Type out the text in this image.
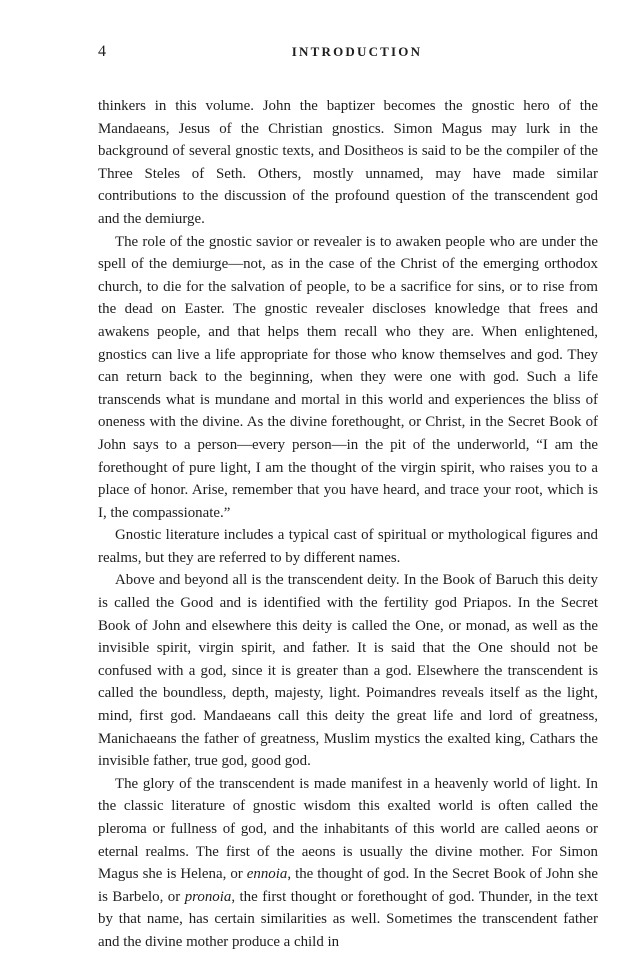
4	INTRODUCTION

thinkers in this volume. John the baptizer becomes the gnostic hero of the Mandaeans, Jesus of the Christian gnostics. Simon Magus may lurk in the background of several gnostic texts, and Dositheos is said to be the compiler of the Three Steles of Seth. Others, mostly unnamed, may have made similar contributions to the discussion of the profound question of the transcendent god and the demiurge.

The role of the gnostic savior or revealer is to awaken people who are under the spell of the demiurge—not, as in the case of the Christ of the emerging orthodox church, to die for the salvation of people, to be a sacrifice for sins, or to rise from the dead on Easter. The gnostic revealer discloses knowledge that frees and awakens people, and that helps them recall who they are. When enlightened, gnostics can live a life appropriate for those who know themselves and god. They can return back to the beginning, when they were one with god. Such a life transcends what is mundane and mortal in this world and experiences the bliss of oneness with the divine. As the divine forethought, or Christ, in the Secret Book of John says to a person—every person—in the pit of the underworld, “I am the forethought of pure light, I am the thought of the virgin spirit, who raises you to a place of honor. Arise, remember that you have heard, and trace your root, which is I, the compassionate.”

Gnostic literature includes a typical cast of spiritual or mythological figures and realms, but they are referred to by different names.

Above and beyond all is the transcendent deity. In the Book of Baruch this deity is called the Good and is identified with the fertility god Priapos. In the Secret Book of John and elsewhere this deity is called the One, or monad, as well as the invisible spirit, virgin spirit, and father. It is said that the One should not be confused with a god, since it is greater than a god. Elsewhere the transcendent is called the boundless, depth, majesty, light. Poimandres reveals itself as the light, mind, first god. Mandaeans call this deity the great life and lord of greatness, Manichaeans the father of greatness, Muslim mystics the exalted king, Cathars the invisible father, true god, good god.

The glory of the transcendent is made manifest in a heavenly world of light. In the classic literature of gnostic wisdom this exalted world is often called the pleroma or fullness of god, and the inhabitants of this world are called aeons or eternal realms. The first of the aeons is usually the divine mother. For Simon Magus she is Helena, or ennoia, the thought of god. In the Secret Book of John she is Barbelo, or pronoia, the first thought or forethought of god. Thunder, in the text by that name, has certain similarities as well. Sometimes the transcendent father and the divine mother produce a child in
